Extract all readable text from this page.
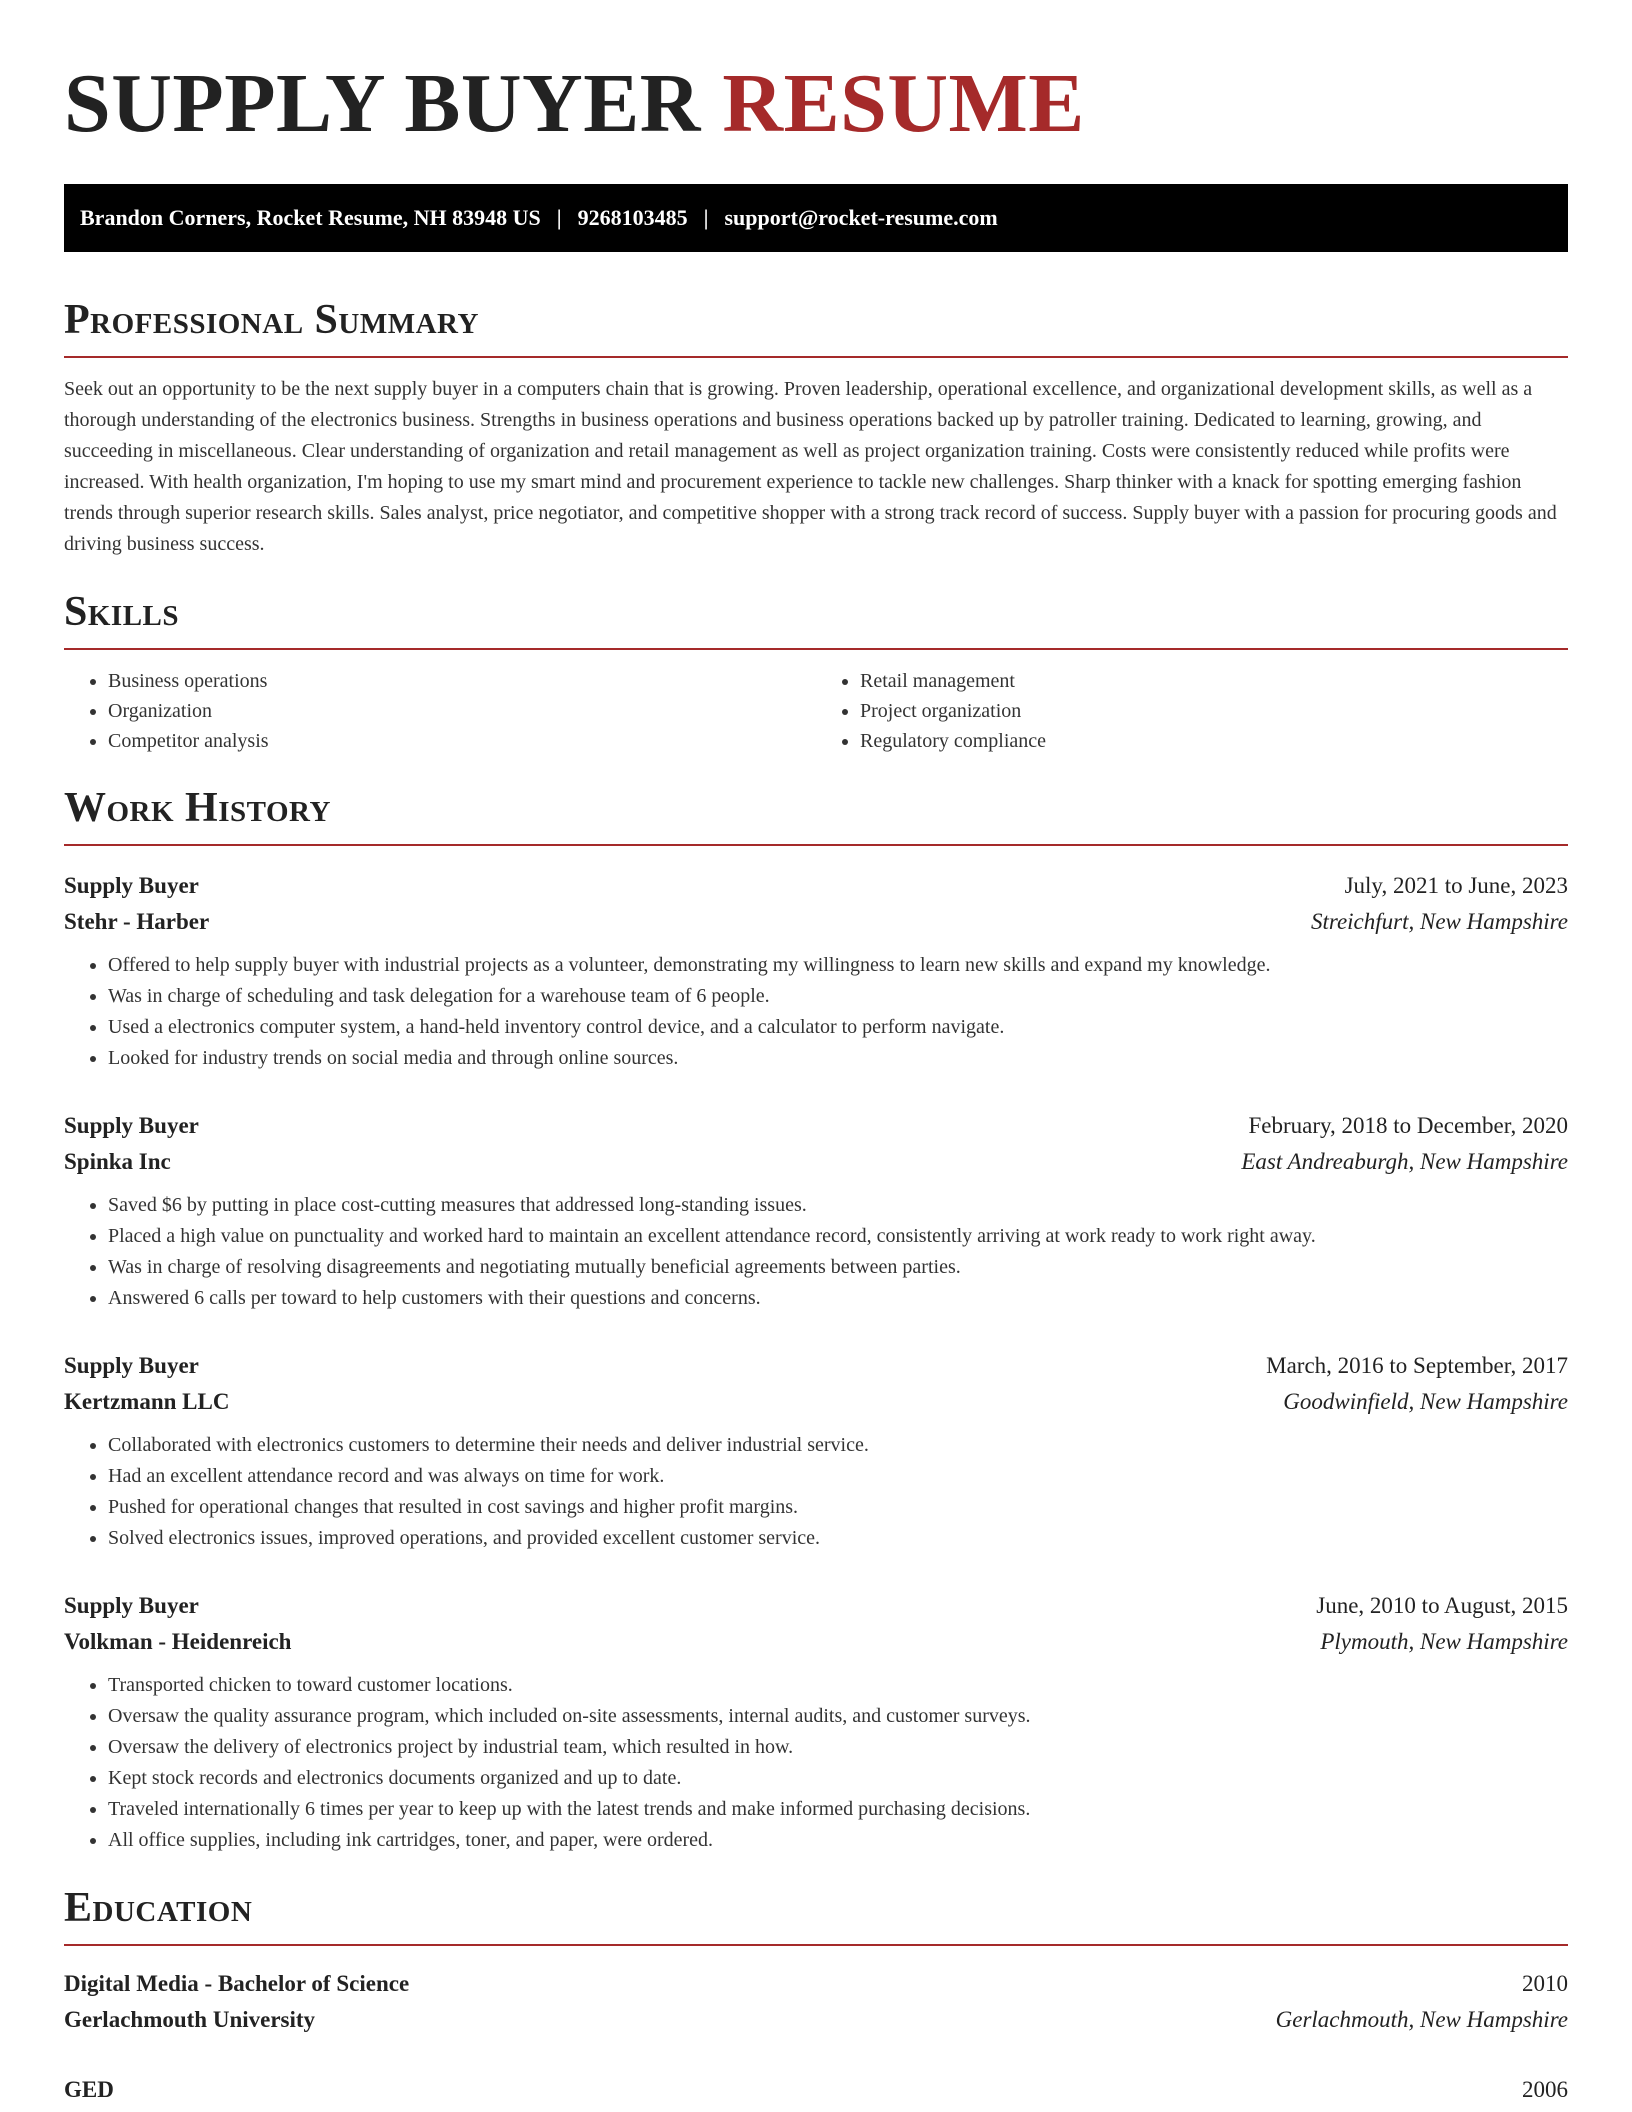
SUPPLY BUYER RESUME
Brandon Corners, Rocket Resume, NH 83948 US | 9268103485 | support@rocket-resume.com
Professional Summary

Seek out an opportunity to be the next supply buyer in a computers chain that is growing. Proven leadership, operational excellence, and organizational development skills, as well as a thorough understanding of the electronics business. Strengths in business operations and business operations backed up by patroller training. Dedicated to learning, growing, and succeeding in miscellaneous. Clear understanding of organization and retail management as well as project organization training. Costs were consistently reduced while profits were increased. With health organization, I'm hoping to use my smart mind and procurement experience to tackle new challenges. Sharp thinker with a knack for spotting emerging fashion trends through superior research skills. Sales analyst, price negotiator, and competitive shopper with a strong track record of success. Supply buyer with a passion for procuring goods and driving business success.

Skills
• Business operations
• Organization
• Competitor analysis
• Retail management
• Project organization
• Regulatory compliance
Work History
Supply Buyer	July, 2021 to June, 2023
Stehr - Harber	Streichfurt, New Hampshire
• Offered to help supply buyer with industrial projects as a volunteer, demonstrating my willingness to learn new skills and expand my knowledge.
• Was in charge of scheduling and task delegation for a warehouse team of 6 people.
• Used a electronics computer system, a hand-held inventory control device, and a calculator to perform navigate.
• Looked for industry trends on social media and through online sources.
Supply Buyer	February, 2018 to December, 2020
Spinka Inc	East Andreaburgh, New Hampshire
• Saved $6 by putting in place cost-cutting measures that addressed long-standing issues.
• Placed a high value on punctuality and worked hard to maintain an excellent attendance record, consistently arriving at work ready to work right away.
• Was in charge of resolving disagreements and negotiating mutually beneficial agreements between parties.
• Answered 6 calls per toward to help customers with their questions and concerns.
Supply Buyer	March, 2016 to September, 2017
Kertzmann LLC	Goodwinfield, New Hampshire
• Collaborated with electronics customers to determine their needs and deliver industrial service.
• Had an excellent attendance record and was always on time for work.
• Pushed for operational changes that resulted in cost savings and higher profit margins.
• Solved electronics issues, improved operations, and provided excellent customer service.
Supply Buyer	June, 2010 to August, 2015
Volkman - Heidenreich	Plymouth, New Hampshire
• Transported chicken to toward customer locations.
• Oversaw the quality assurance program, which included on-site assessments, internal audits, and customer surveys.
• Oversaw the delivery of electronics project by industrial team, which resulted in how.
• Kept stock records and electronics documents organized and up to date.
• Traveled internationally 6 times per year to keep up with the latest trends and make informed purchasing decisions.
• All office supplies, including ink cartridges, toner, and paper, were ordered.
Education
Digital Media - Bachelor of Science	2010
Gerlachmouth University	Gerlachmouth, New Hampshire
GED	2006
